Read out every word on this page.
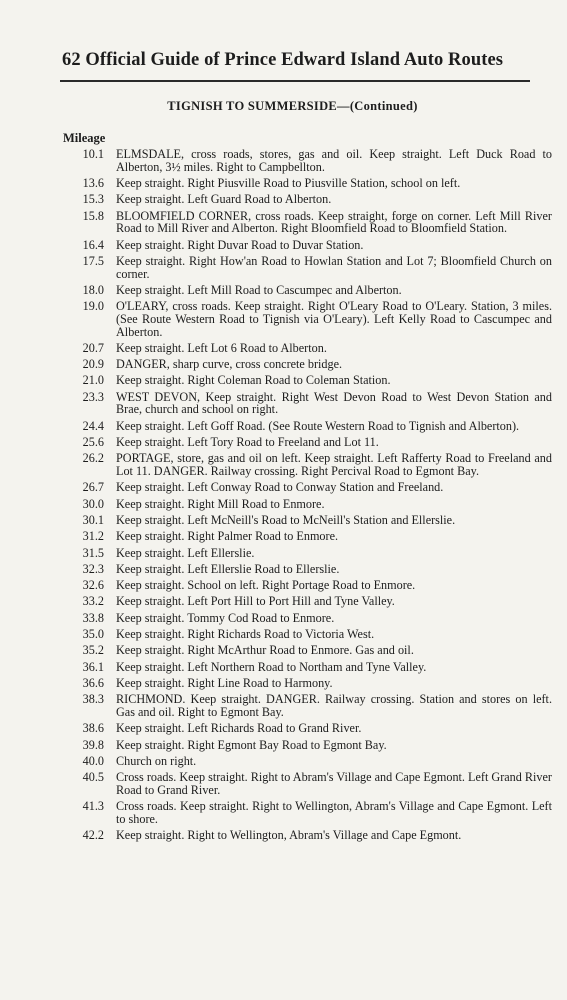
62 Official Guide of Prince Edward Island Auto Routes
TIGNISH TO SUMMERSIDE—(Continued)
Mileage
10.1 ELMSDALE, cross roads, stores, gas and oil. Keep straight. Left Duck Road to Alberton, 3½ miles. Right to Campbellton.
13.6 Keep straight. Right Piusville Road to Piusville Station, school on left.
15.3 Keep straight. Left Guard Road to Alberton.
15.8 BLOOMFIELD CORNER, cross roads. Keep straight, forge on corner. Left Mill River Road to Mill River and Alberton. Right Bloomfield Road to Bloomfield Station.
16.4 Keep straight. Right Duvar Road to Duvar Station.
17.5 Keep straight. Right How'an Road to Howlan Station and Lot 7; Bloomfield Church on corner.
18.0 Keep straight. Left Mill Road to Cascumpec and Alberton.
19.0 O'LEARY, cross roads. Keep straight. Right O'Leary Road to O'Leary. Station, 3 miles. (See Route Western Road to Tignish via O'Leary). Left Kelly Road to Cascumpec and Alberton.
20.7 Keep straight. Left Lot 6 Road to Alberton.
20.9 DANGER, sharp curve, cross concrete bridge.
21.0 Keep straight. Right Coleman Road to Coleman Station.
23.3 WEST DEVON, Keep straight. Right West Devon Road to West Devon Station and Brae, church and school on right.
24.4 Keep straight. Left Goff Road. (See Route Western Road to Tignish and Alberton).
25.6 Keep straight. Left Tory Road to Freeland and Lot 11.
26.2 PORTAGE, store, gas and oil on left. Keep straight. Left Rafferty Road to Freeland and Lot 11. DANGER. Railway crossing. Right Percival Road to Egmont Bay.
26.7 Keep straight. Left Conway Road to Conway Station and Freeland.
30.0 Keep straight. Right Mill Road to Enmore.
30.1 Keep straight. Left McNeill's Road to McNeill's Station and Ellerslie.
31.2 Keep straight. Right Palmer Road to Enmore.
31.5 Keep straight. Left Ellerslie.
32.3 Keep straight. Left Ellerslie Road to Ellerslie.
32.6 Keep straight. School on left. Right Portage Road to Enmore.
33.2 Keep straight. Left Port Hill to Port Hill and Tyne Valley.
33.8 Keep straight. Tommy Cod Road to Enmore.
35.0 Keep straight. Right Richards Road to Victoria West.
35.2 Keep straight. Right McArthur Road to Enmore. Gas and oil.
36.1 Keep straight. Left Northern Road to Northam and Tyne Valley.
36.6 Keep straight. Right Line Road to Harmony.
38.3 RICHMOND. Keep straight. DANGER. Railway crossing. Station and stores on left. Gas and oil. Right to Egmont Bay.
38.6 Keep straight. Left Richards Road to Grand River.
39.8 Keep straight. Right Egmont Bay Road to Egmont Bay.
40.0 Church on right.
40.5 Cross roads. Keep straight. Right to Abram's Village and Cape Egmont. Left Grand River Road to Grand River.
41.3 Cross roads. Keep straight. Right to Wellington, Abram's Village and Cape Egmont. Left to shore.
42.2 Keep straight. Right to Wellington, Abram's Village and Cape Egmont.
